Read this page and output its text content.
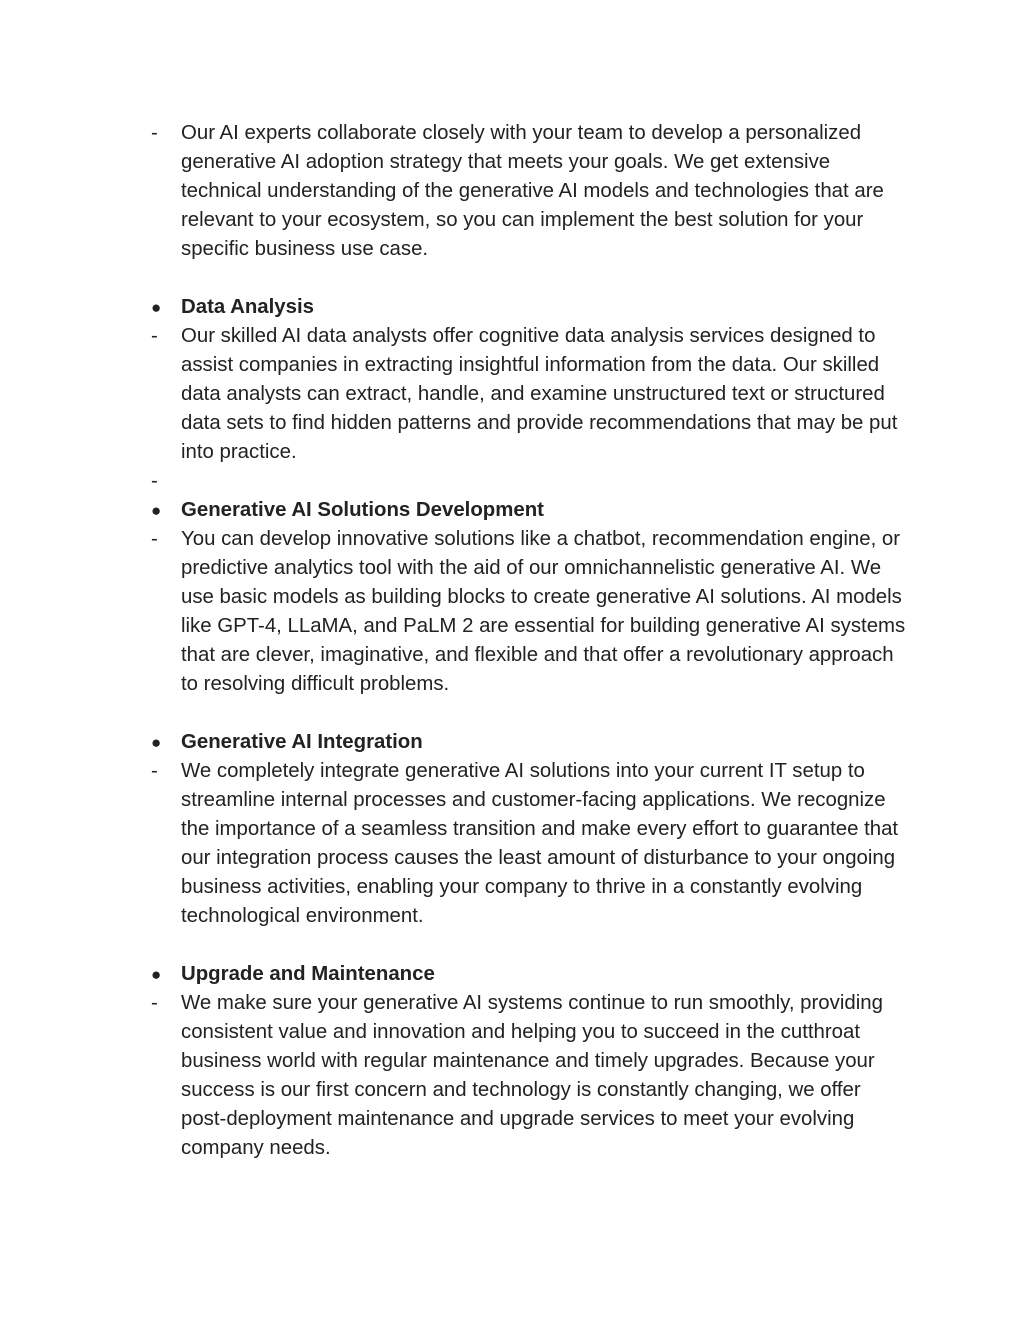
-	Our AI experts collaborate closely with your team to develop a personalized generative AI adoption strategy that meets your goals. We get extensive technical understanding of the generative AI models and technologies that are relevant to your ecosystem, so you can implement the best solution for your specific business use case.
● Data Analysis
-	Our skilled AI data analysts offer cognitive data analysis services designed to assist companies in extracting insightful information from the data. Our skilled data analysts can extract, handle, and examine unstructured text or structured data sets to find hidden patterns and provide recommendations that may be put into practice.
-

● Generative AI Solutions Development
-	You can develop innovative solutions like a chatbot, recommendation engine, or predictive analytics tool with the aid of our omnichannelistic generative AI. We use basic models as building blocks to create generative AI solutions. AI models like GPT-4, LLaMA, and PaLM 2 are essential for building generative AI systems that are clever, imaginative, and flexible and that offer a revolutionary approach to resolving difficult problems.
● Generative AI Integration
-	We completely integrate generative AI solutions into your current IT setup to streamline internal processes and customer-facing applications. We recognize the importance of a seamless transition and make every effort to guarantee that our integration process causes the least amount of disturbance to your ongoing business activities, enabling your company to thrive in a constantly evolving technological environment.
● Upgrade and Maintenance
-	We make sure your generative AI systems continue to run smoothly, providing consistent value and innovation and helping you to succeed in the cutthroat business world with regular maintenance and timely upgrades. Because your success is our first concern and technology is constantly changing, we offer post-deployment maintenance and upgrade services to meet your evolving company needs.
